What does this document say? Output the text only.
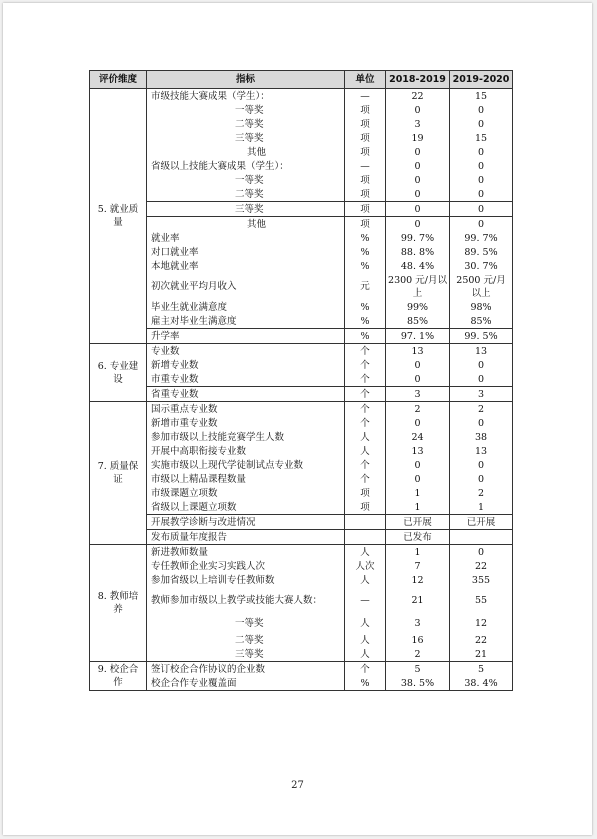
评价维度	指标	单位	2018-2019	2019-2020
5. 就业质量	市级技能大赛成果（学生）：	—	22	15
	一等奖	项	0	0
	二等奖	项	3	0
	三等奖	项	19	15
	其他	项	0	0
	省级以上技能大赛成果（学生）：	—	0	0
	一等奖	项	0	0
	二等奖	项	0	0
	三等奖	项	0	0
	其他	项	0	0
	就业率	%	99. 7%	99. 7%
	对口就业率	%	88. 8%	89. 5%
	本地就业率	%	48. 4%	30. 7%
	初次就业平均月收入	元	2300 元/月以上	2500 元/月以上
	毕业生就业满意度	%	99%	98%
	雇主对毕业生满意度	%	85%	85%
	升学率	%	97. 1%	99. 5%
6. 专业建设	专业数	个	13	13
	新增专业数	个	0	0
	市重专业数	个	0	0
	省重专业数	个	3	3
7. 质量保证	国示重点专业数	个	2	2
	新增市重专业数	个	0	0
	参加市级以上技能竞赛学生人数	人	24	38
	开展中高职衔接专业数	人	13	13
	实施市级以上现代学徒制试点专业数	个	0	0
	市级以上精品课程数量	个	0	0
	市级课题立项数	项	1	2
	省级以上课题立项数	项	1	1
	开展教学诊断与改进情况		已开展	已开展
	发布质量年度报告		已发布	
8. 教师培养	新进教师数量	人	1	0
	专任教师企业实习实践人次	人次	7	22
	参加省级以上培训专任教师数	人	12	355
	教师参加市级以上教学或技能大赛人数：	—	21	55
	一等奖	人	3	12
	二等奖	人	16	22
	三等奖	人	2	21
9. 校企合作	签订校企合作协议的企业数	个	5	5
	校企合作专业覆盖面	%	38. 5%	38. 4%
27
